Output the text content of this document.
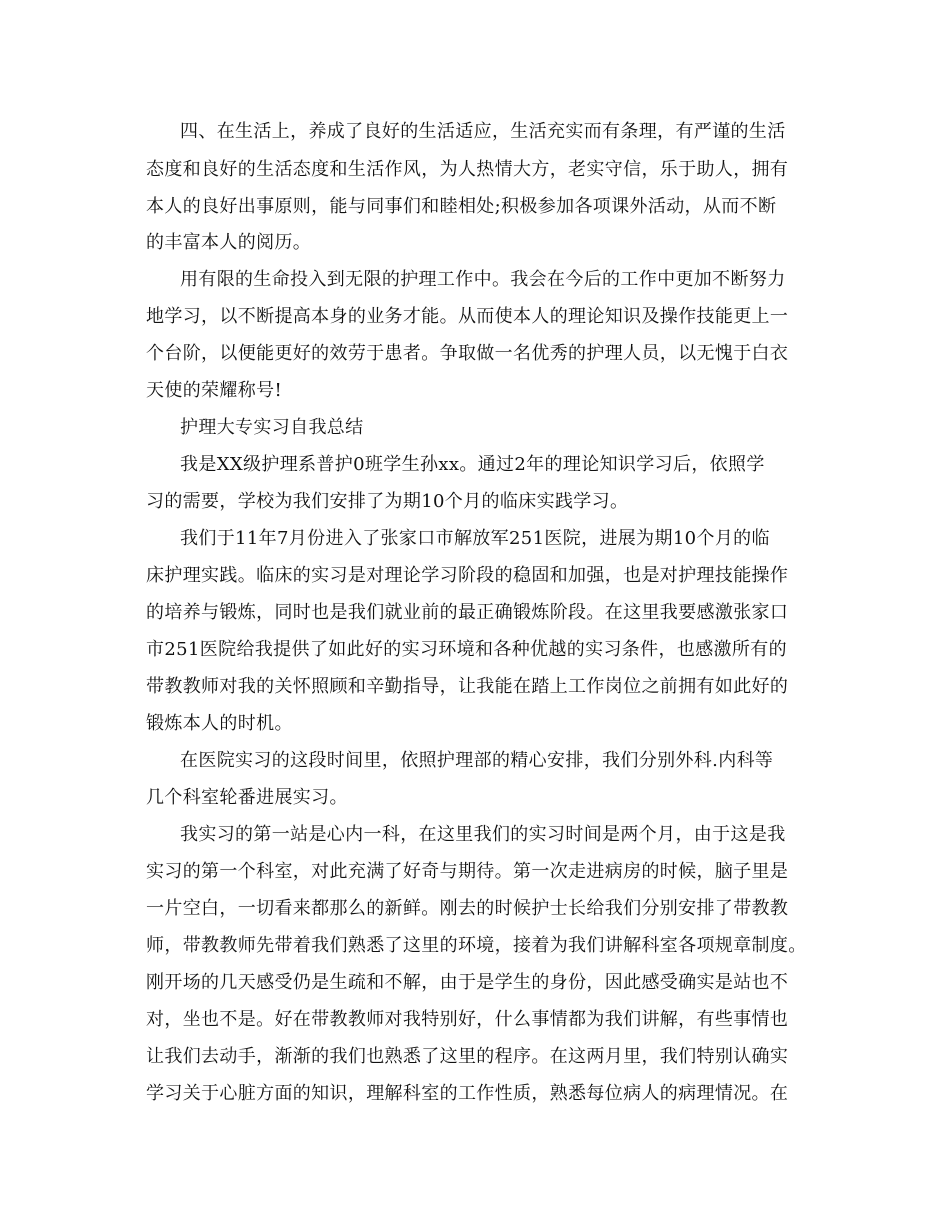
四、在生活上，养成了良好的生活适应，生活充实而有条理，有严谨的生活

态度和良好的生活态度和生活作风，为人热情大方，老实守信，乐于助人，拥有

本人的良好出事原则，能与同事们和睦相处;积极参加各项课外活动，从而不断

的丰富本人的阅历。

用有限的生命投入到无限的护理工作中。我会在今后的工作中更加不断努力

地学习，以不断提高本身的业务才能。从而使本人的理论知识及操作技能更上一

个台阶，以便能更好的效劳于患者。争取做一名优秀的护理人员，以无愧于白衣

天使的荣耀称号!

护理大专实习自我总结

我是XX级护理系普护0班学生孙xx。通过2年的理论知识学习后，依照学

习的需要，学校为我们安排了为期10个月的临床实践学习。

我们于11年7月份进入了张家口市解放军251医院，进展为期10个月的临

床护理实践。临床的实习是对理论学习阶段的稳固和加强，也是对护理技能操作

的培养与锻炼，同时也是我们就业前的最正确锻炼阶段。在这里我要感激张家口

市251医院给我提供了如此好的实习环境和各种优越的实习条件，也感激所有的

带教教师对我的关怀照顾和辛勤指导，让我能在踏上工作岗位之前拥有如此好的

锻炼本人的时机。

在医院实习的这段时间里，依照护理部的精心安排，我们分别外科.内科等

几个科室轮番进展实习。

我实习的第一站是心内一科，在这里我们的实习时间是两个月，由于这是我

实习的第一个科室，对此充满了好奇与期待。第一次走进病房的时候，脑子里是

一片空白，一切看来都那么的新鲜。刚去的时候护士长给我们分别安排了带教教

师，带教教师先带着我们熟悉了这里的环境，接着为我们讲解科室各项规章制度。

刚开场的几天感受仍是生疏和不解，由于是学生的身份，因此感受确实是站也不

对，坐也不是。好在带教教师对我特别好，什么事情都为我们讲解，有些事情也

让我们去动手，渐渐的我们也熟悉了这里的程序。在这两月里，我们特别认确实

学习关于心脏方面的知识，理解科室的工作性质，熟悉每位病人的病理情况。在
